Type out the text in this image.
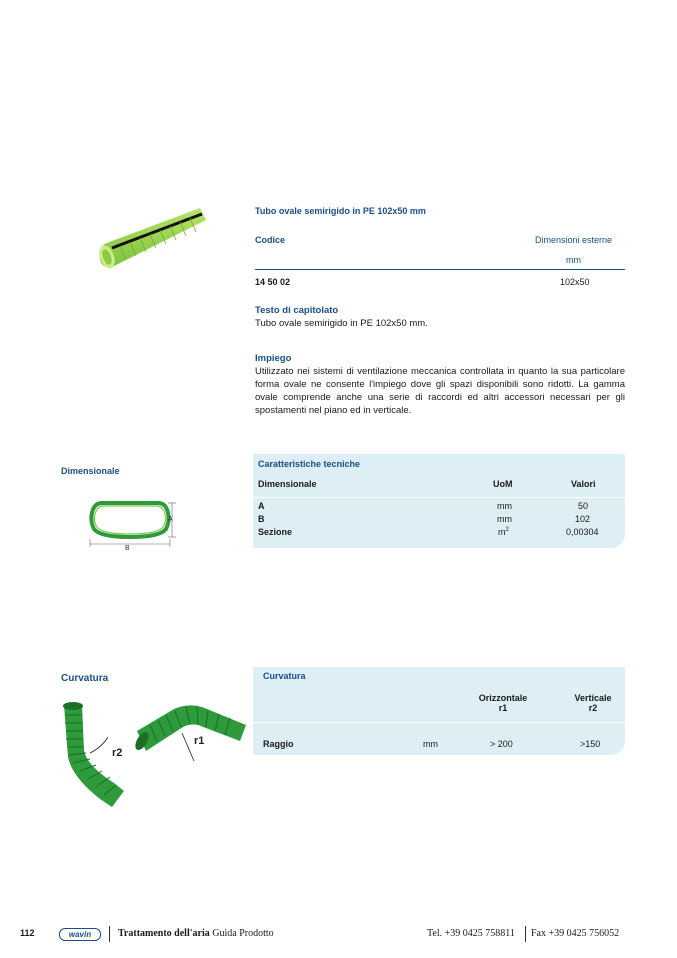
Tubo ovale semirigido in PE 102x50 mm
Codice	Dimensioni esterne
mm
14 50 02	102x50
Testo di capitolato
Tubo ovale semirigido in PE 102x50 mm.
Impiego
Utilizzato nei sistemi di ventilazione meccanica controllata in quanto la sua particolare forma ovale ne consente l'impiego dove gli spazi disponibili sono ridotti. La gamma ovale comprende anche una serie di raccordi ed altri accessori necessari per gli spostamenti nel piano ed in verticale.
Dimensionale
A
B
Caratteristiche tecniche
Dimensionale	UoM	Valori
A	mm	50
B	mm	102
Sezione	$m^2$	0,00304
Curvatura
r2
r1
Curvatura
Orizzontale
r1
Verticale
r2
Raggio	mm	> 200	>150
112	wavin	Trattamento dell'aria Guida Prodotto	Tel. +39 0425 758811 Fax +39 0425 756052
